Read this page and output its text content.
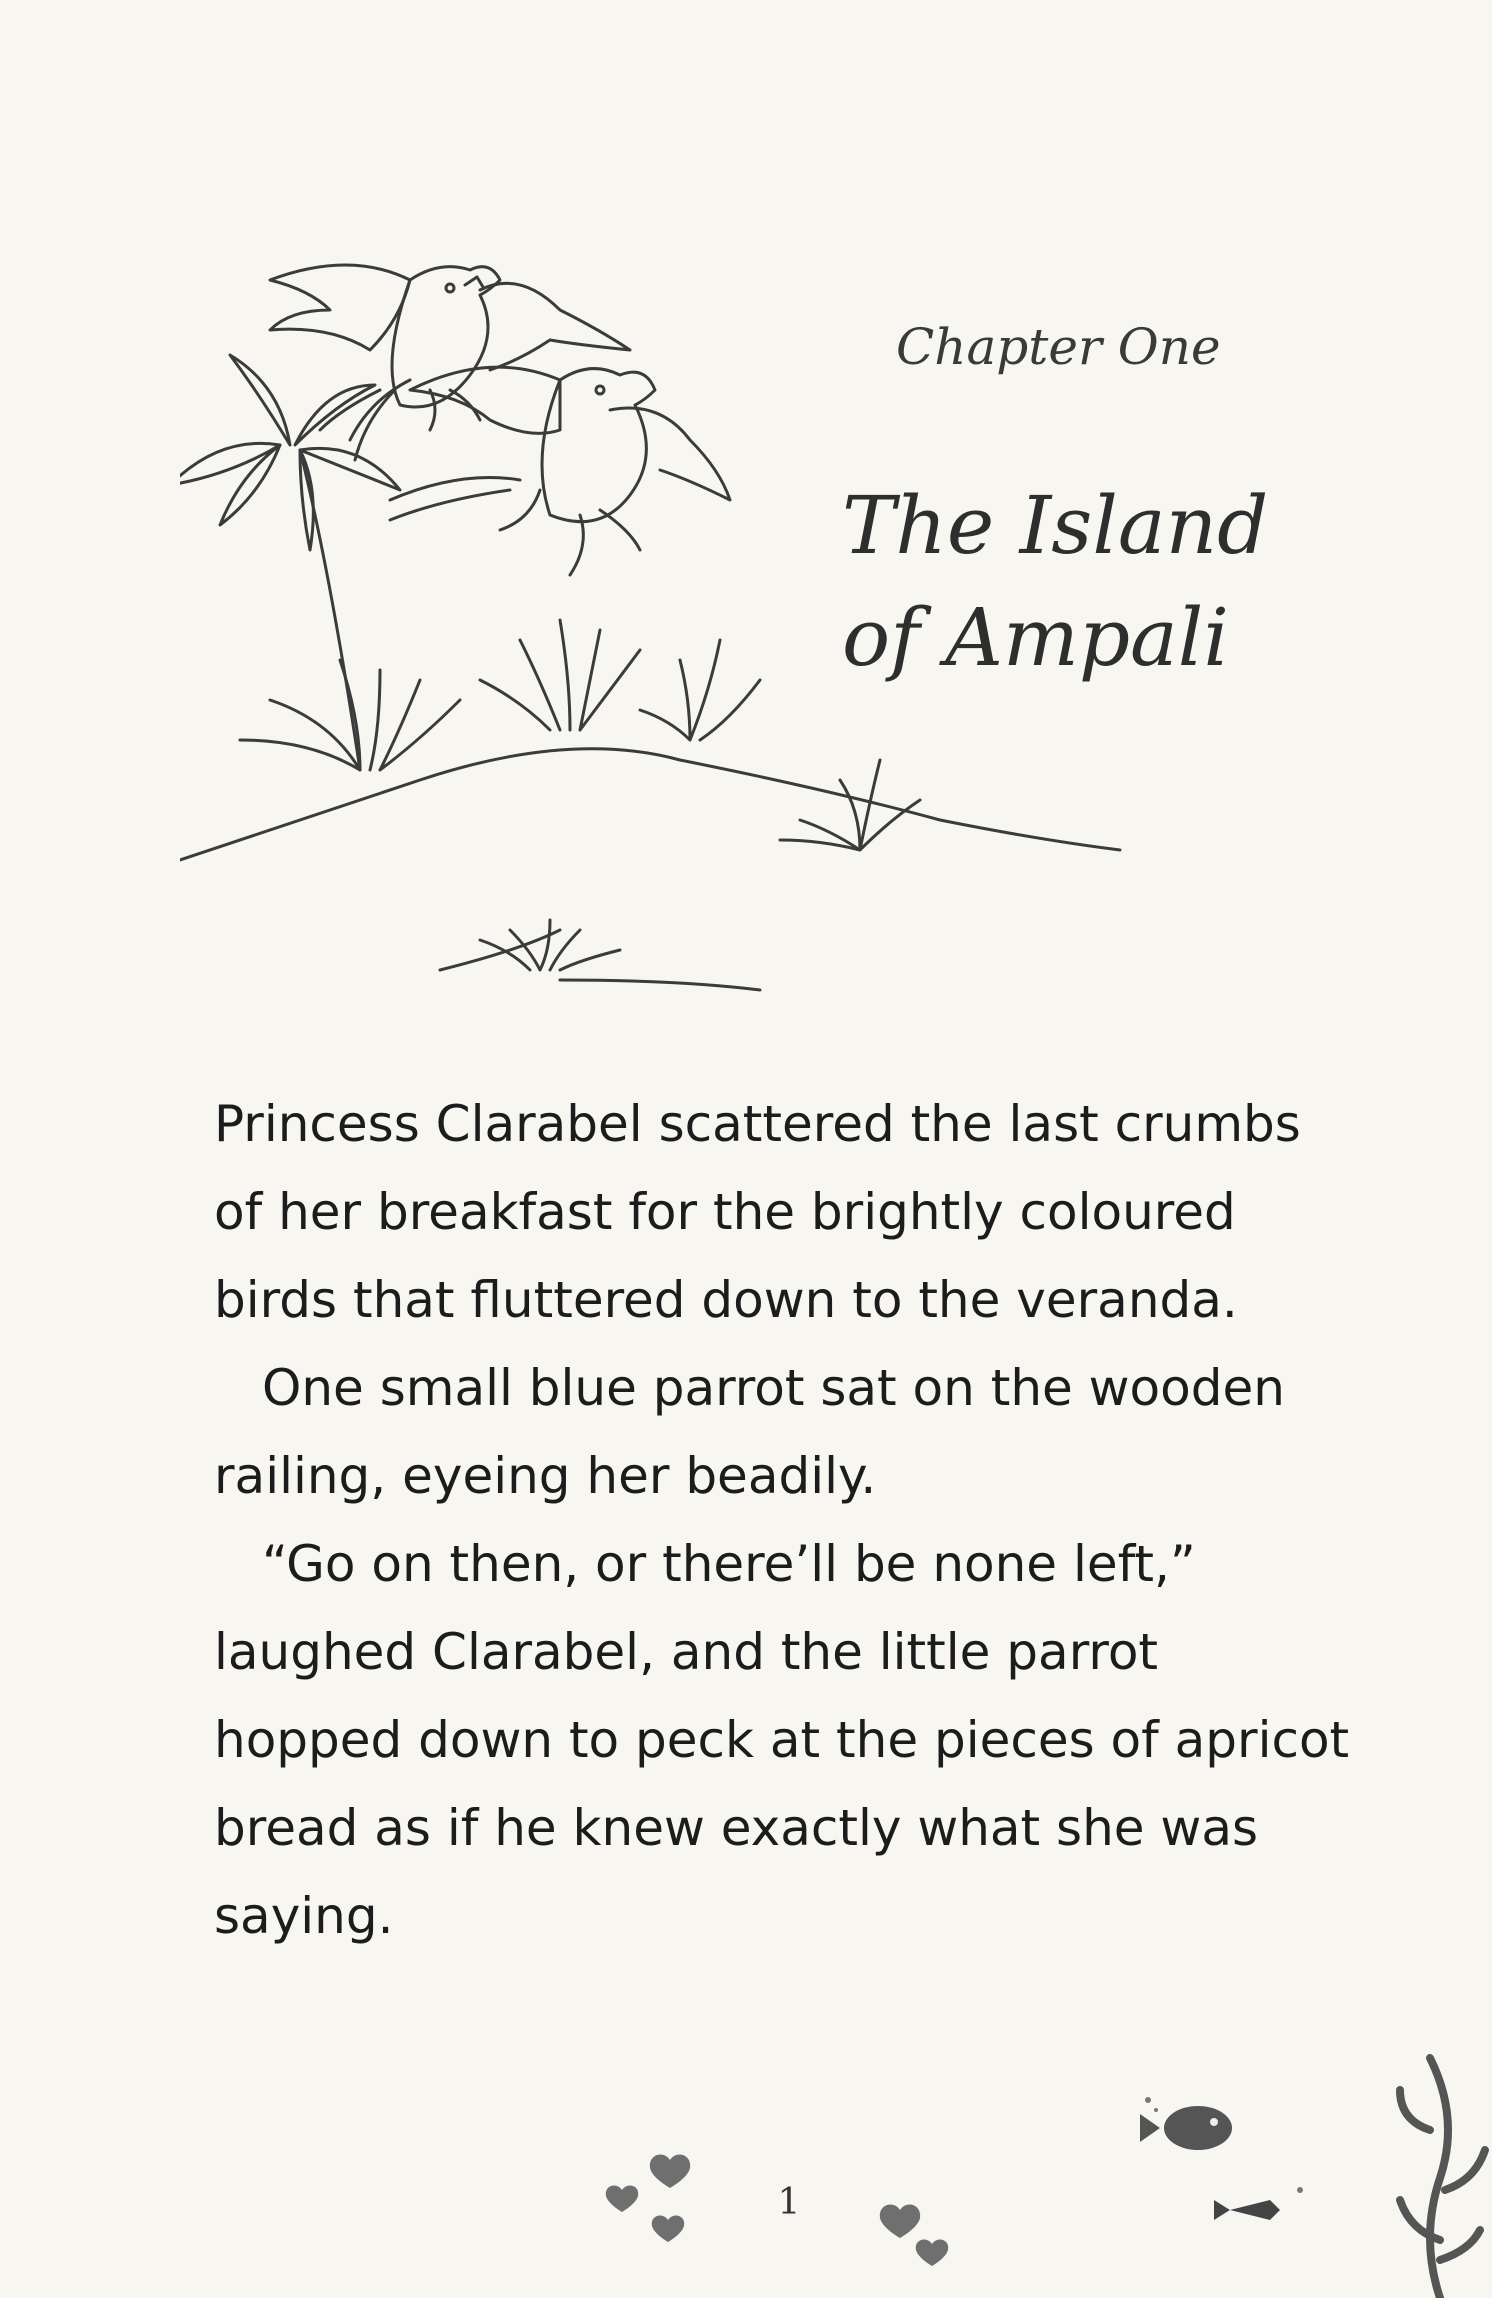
Chapter One
The Island
of Ampali

Princess Clarabel scattered the last crumbs of her breakfast for the brightly coloured birds that fluttered down to the veranda.

One small blue parrot sat on the wooden railing, eyeing her beadily.

“Go on then, or there’ll be none left,” laughed Clarabel, and the little parrot hopped down to peck at the pieces of apricot bread as if he knew exactly what she was saying.

1
